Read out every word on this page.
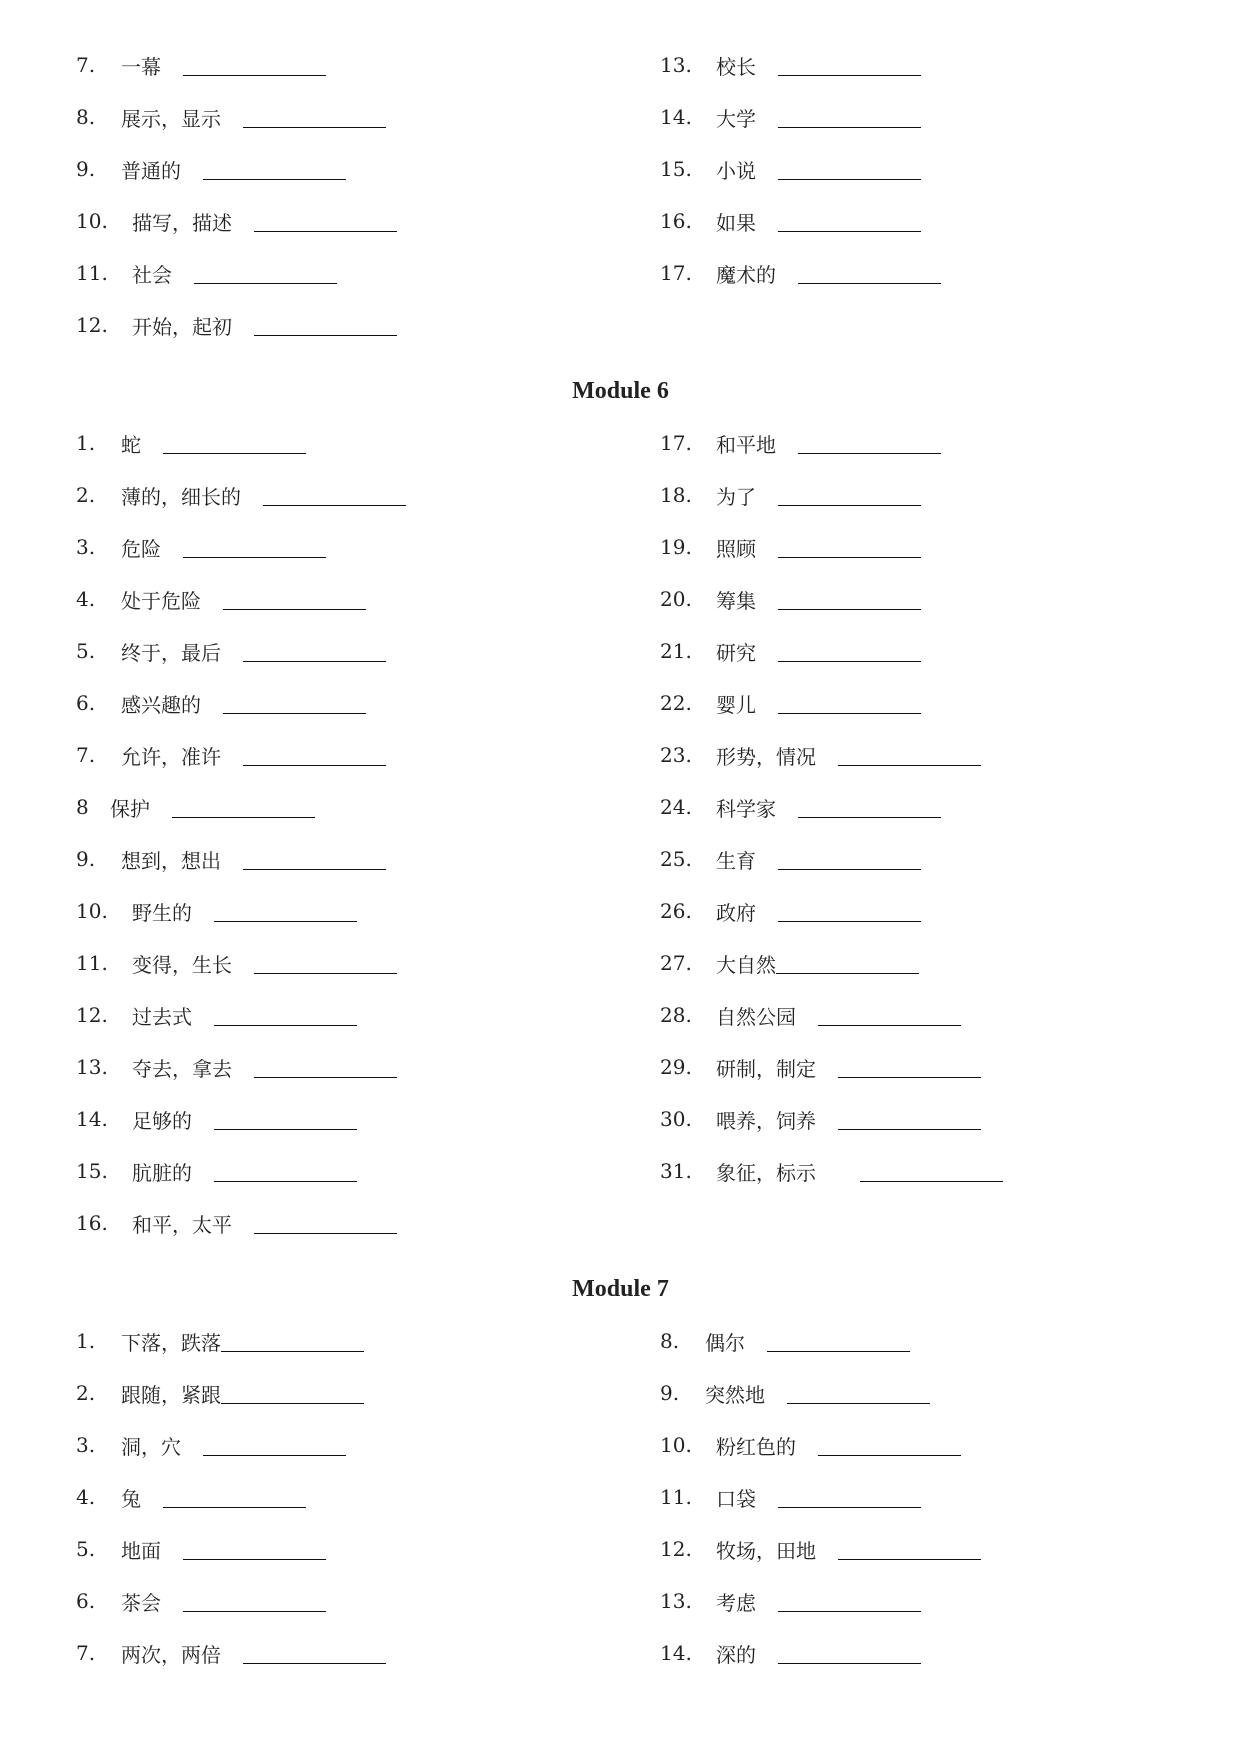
7.	一幕
8.	展示，显示
9.	普通的
10.	描写，描述
11.	社会
12.	开始，起初
13.	校长
14.	大学
15.	小说
16.	如果
17.	魔术的
Module 6
1.	蛇
2.	薄的，细长的
3.	危险
4.	处于危险
5.	终于，最后
6.	感兴趣的
7.	允许，准许
8	保护
9.	想到，想出
10.	野生的
11.	变得，生长
12.	过去式
13.	夺去，拿去
14.	足够的
15.	肮脏的
16.	和平，太平
17.	和平地
18.	为了
19.	照顾
20.	筹集
21.	研究
22.	婴儿
23.	形势，情况
24.	科学家
25.	生育
26.	政府
27.	大自然
28.	自然公园
29.	研制，制定
30.	喂养，饲养
31.	象征，标示
Module 7
1.	下落，跌落
2.	跟随，紧跟
3.	洞，穴
4.	兔
5.	地面
6.	茶会
7.	两次，两倍
8.	偶尔
9.	突然地
10.	粉红色的
11.	口袋
12.	牧场，田地
13.	考虑
14.	深的
